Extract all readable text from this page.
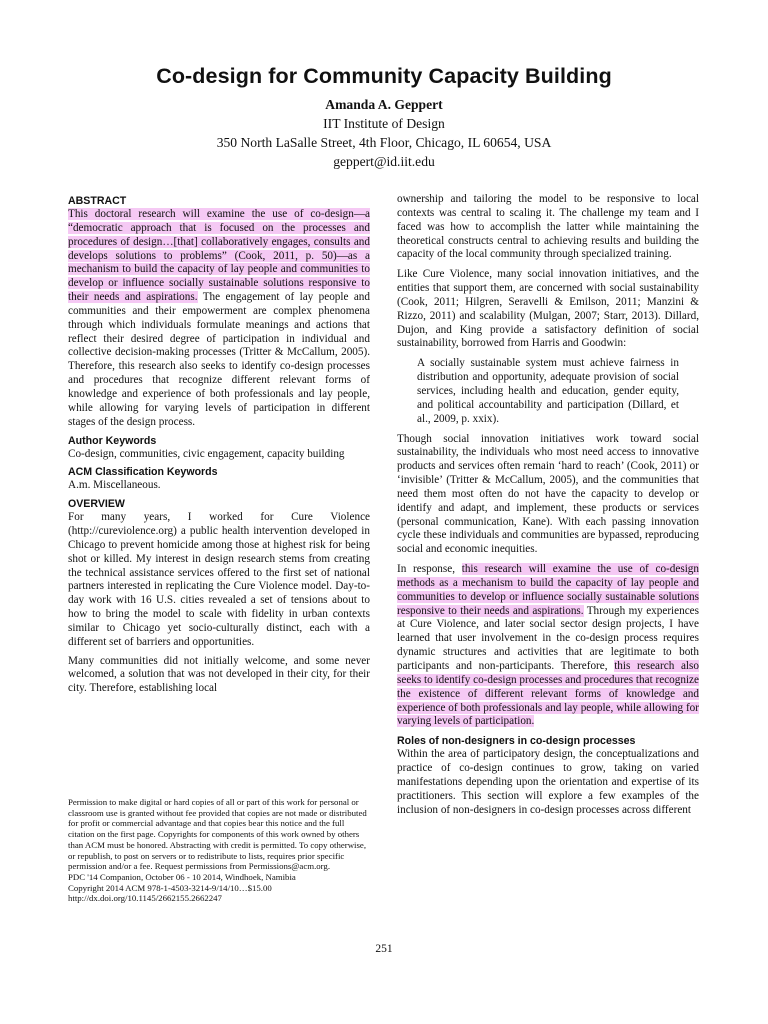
Co-design for Community Capacity Building
Amanda A. Geppert
IIT Institute of Design
350 North LaSalle Street, 4th Floor, Chicago, IL 60654, USA
geppert@id.iit.edu
ABSTRACT

This doctoral research will examine the use of co-design—a “democratic approach that is focused on the processes and procedures of design…[that] collaboratively engages, consults and develops solutions to problems” (Cook, 2011, p. 50)—as a mechanism to build the capacity of lay people and communities to develop or influence socially sustainable solutions responsive to their needs and aspirations. The engagement of lay people and communities and their empowerment are complex phenomena through which individuals formulate meanings and actions that reflect their desired degree of participation in individual and collective decision-making processes (Tritter & McCallum, 2005). Therefore, this research also seeks to identify co-design processes and procedures that recognize different relevant forms of knowledge and experience of both professionals and lay people, while allowing for varying levels of participation in different stages of the design process.

Author Keywords

Co-design, communities, civic engagement, capacity building

ACM Classification Keywords

A.m. Miscellaneous.

OVERVIEW

For many years, I worked for Cure Violence (http://cureviolence.org) a public health intervention developed in Chicago to prevent homicide among those at highest risk for being shot or killed. My interest in design research stems from creating the technical assistance services offered to the first set of national partners interested in replicating the Cure Violence model. Day-to-day work with 16 U.S. cities revealed a set of tensions about to how to bring the model to scale with fidelity in urban contexts similar to Chicago yet socio-culturally distinct, each with a different set of barriers and opportunities.

Many communities did not initially welcome, and some never welcomed, a solution that was not developed in their city, for their city. Therefore, establishing local

Permission to make digital or hard copies of all or part of this work for personal or classroom use is granted without fee provided that copies are not made or distributed for profit or commercial advantage and that copies bear this notice and the full citation on the first page. Copyrights for components of this work owned by others than ACM must be honored. Abstracting with credit is permitted. To copy otherwise, or republish, to post on servers or to redistribute to lists, requires prior specific permission and/or a fee. Request permissions from Permissions@acm.org.

PDC '14 Companion, October 06 - 10 2014, Windhoek, Namibia

Copyright 2014 ACM 978-1-4503-3214-9/14/10…$15.00

http://dx.doi.org/10.1145/2662155.2662247

ownership and tailoring the model to be responsive to local contexts was central to scaling it. The challenge my team and I faced was how to accomplish the latter while maintaining the theoretical constructs central to achieving results and building the capacity of the local community through specialized training.

Like Cure Violence, many social innovation initiatives, and the entities that support them, are concerned with social sustainability (Cook, 2011; Hilgren, Seravelli & Emilson, 2011; Manzini & Rizzo, 2011) and scalability (Mulgan, 2007; Starr, 2013). Dillard, Dujon, and King provide a satisfactory definition of social sustainability, borrowed from Harris and Goodwin:

A socially sustainable system must achieve fairness in distribution and opportunity, adequate provision of social services, including health and education, gender equity, and political accountability and participation (Dillard, et al., 2009, p. xxix).

Though social innovation initiatives work toward social sustainability, the individuals who most need access to innovative products and services often remain ‘hard to reach’ (Cook, 2011) or ‘invisible’ (Tritter & McCallum, 2005), and the communities that need them most often do not have the capacity to develop or identify and adapt, and implement, these products or services (personal communication, Kane). With each passing innovation cycle these individuals and communities are bypassed, reproducing social and economic inequities.

In response, this research will examine the use of co-design methods as a mechanism to build the capacity of lay people and communities to develop or influence socially sustainable solutions responsive to their needs and aspirations. Through my experiences at Cure Violence, and later social sector design projects, I have learned that user involvement in the co-design process requires dynamic structures and activities that are legitimate to both participants and non-participants. Therefore, this research also seeks to identify co-design processes and procedures that recognize the existence of different relevant forms of knowledge and experience of both professionals and lay people, while allowing for varying levels of participation.

Roles of non-designers in co-design processes

Within the area of participatory design, the conceptualizations and practice of co-design continues to grow, taking on varied manifestations depending upon the orientation and expertise of its practitioners. This section will explore a few examples of the inclusion of non-designers in co-design processes across different

251
